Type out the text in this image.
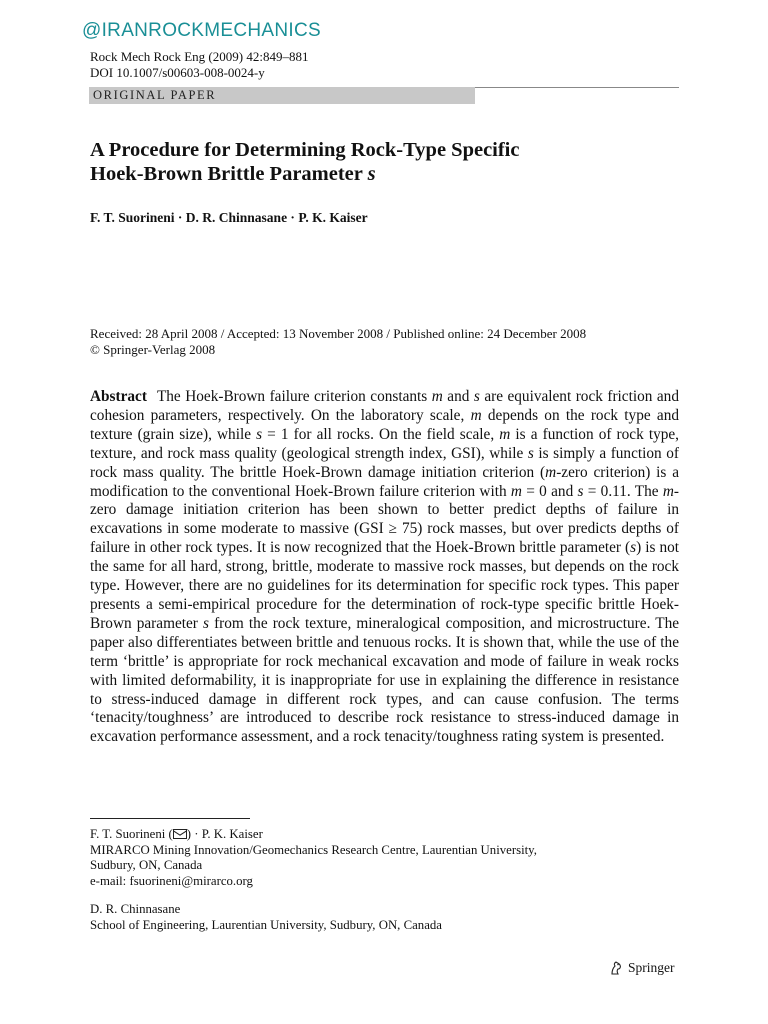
@IRANROCKMECHANICS
Rock Mech Rock Eng (2009) 42:849–881
DOI 10.1007/s00603-008-0024-y
ORIGINAL PAPER
A Procedure for Determining Rock-Type Specific
Hoek-Brown Brittle Parameter s
F. T. Suorineni · D. R. Chinnasane · P. K. Kaiser
Received: 28 April 2008 / Accepted: 13 November 2008 / Published online: 24 December 2008
© Springer-Verlag 2008

Abstract The Hoek-Brown failure criterion constants m and s are equivalent rock friction and cohesion parameters, respectively. On the laboratory scale, m depends on the rock type and texture (grain size), while s = 1 for all rocks. On the field scale, m is a function of rock type, texture, and rock mass quality (geological strength index, GSI), while s is simply a function of rock mass quality. The brittle Hoek-Brown damage initiation criterion (m-zero criterion) is a modification to the conventional Hoek-Brown failure criterion with m = 0 and s = 0.11. The m-zero damage initiation criterion has been shown to better predict depths of failure in excavations in some moderate to massive (GSI ≥ 75) rock masses, but over predicts depths of failure in other rock types. It is now recognized that the Hoek-Brown brittle parameter (s) is not the same for all hard, strong, brittle, moderate to massive rock masses, but depends on the rock type. However, there are no guidelines for its determination for specific rock types. This paper presents a semi-empirical procedure for the determination of rock-type specific brittle Hoek-Brown parameter s from the rock texture, mineralogical composition, and microstructure. The paper also differentiates between brittle and tenuous rocks. It is shown that, while the use of the term ‘brittle’ is appropriate for rock mechanical excavation and mode of failure in weak rocks with limited deformability, it is inappropriate for use in explaining the difference in resistance to stress-induced damage in different rock types, and can cause confusion. The terms ‘tenacity/toughness’ are introduced to describe rock resistance to stress-induced damage in excavation performance assessment, and a rock tenacity/toughness rating system is presented.

F. T. Suorineni ( ) · P. K. Kaiser
MIRARCO Mining Innovation/Geomechanics Research Centre, Laurentian University,
Sudbury, ON, Canada
e-mail: fsuorineni@mirarco.org
D. R. Chinnasane
School of Engineering, Laurentian University, Sudbury, ON, Canada
Springer
